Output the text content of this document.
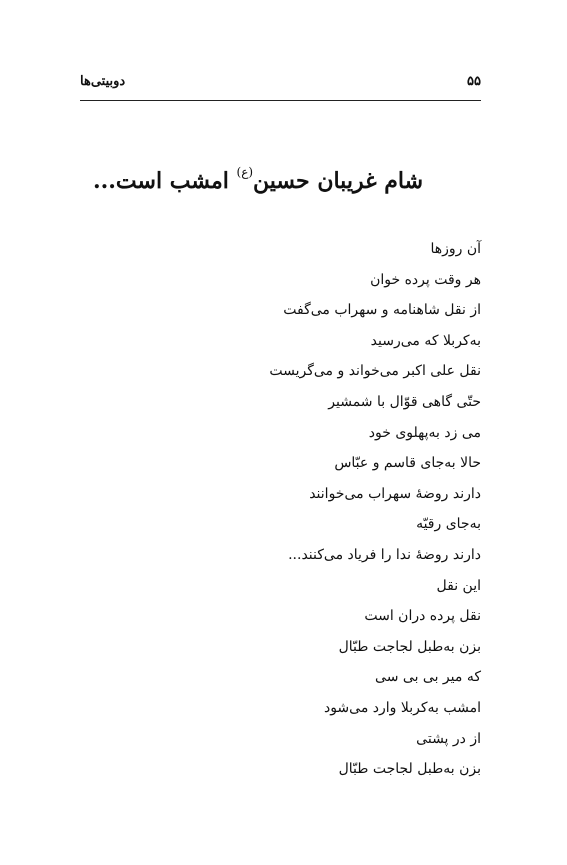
۵۵
دوبیتی‌ها
شام غریبان حسین$^{(ع)}$ امشب است...
آن روزها
هر وقت پرده خوان
از نقل شاهنامه و سهراب می‌گفت
به‌کربلا که می‌رسید
نقل علی اکبر می‌خواند و می‌گریست
حتّی گاهی قوّال با شمشیر
می زد به‌پهلوی خود
حالا به‌جای قاسم و عبّاس
دارند روضهٔ سهراب می‌خوانند
به‌جای رقیّه
دارند روضهٔ ندا را فریاد می‌کنند...
این نقل
نقل پرده دران است
بزن به‌طبل لجاجت طبّال
که میر بی بی سی
امشب به‌کربلا وارد می‌شود
از در پشتی
بزن به‌طبل لجاجت طبّال
